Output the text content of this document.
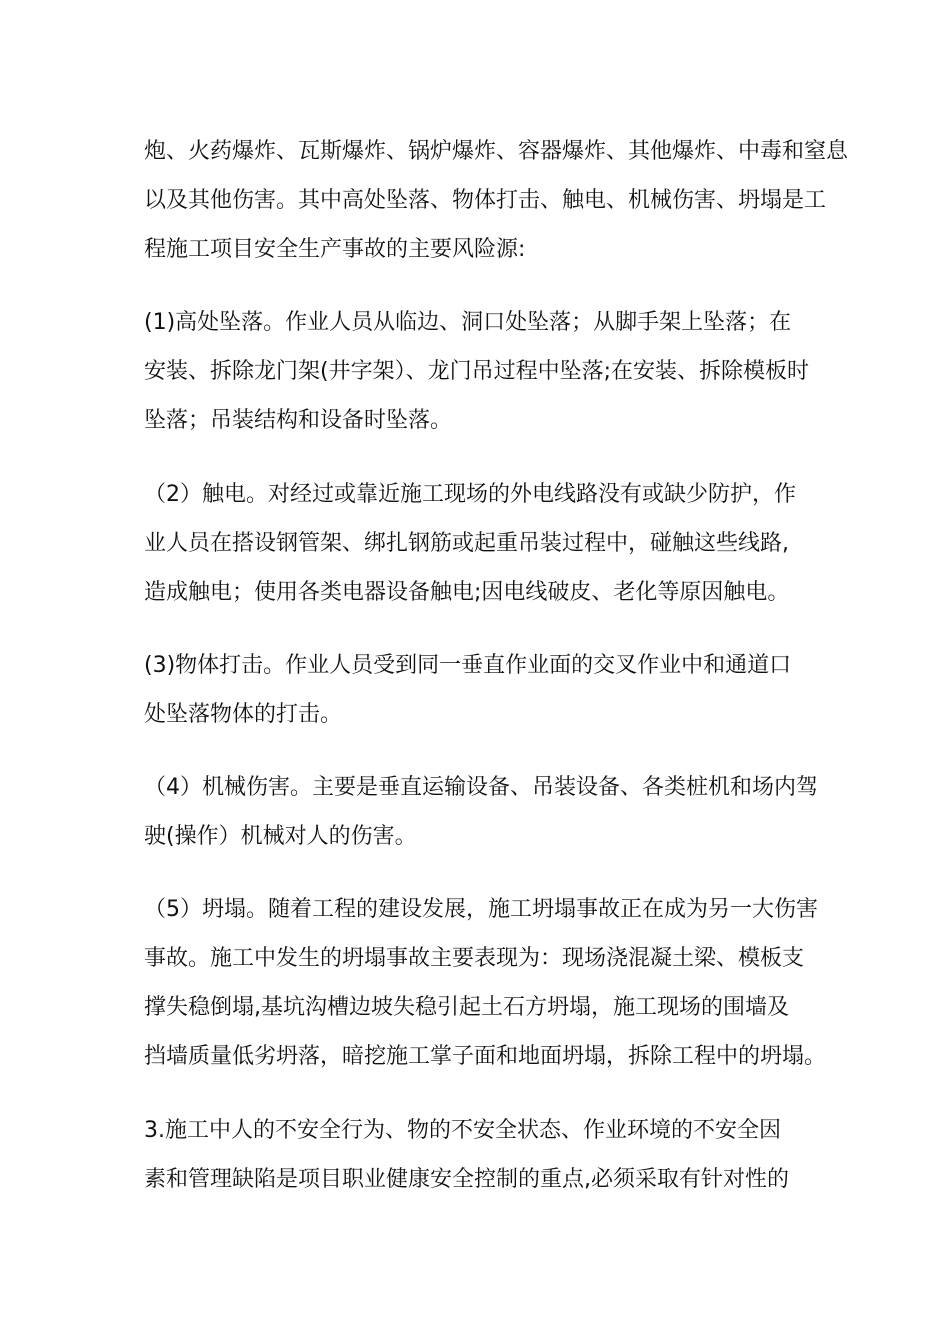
炮、火药爆炸、瓦斯爆炸、锅炉爆炸、容器爆炸、其他爆炸、中毒和窒息
以及其他伤害。其中高处坠落、物体打击、触电、机械伤害、坍塌是工
程施工项目安全生产事故的主要风险源:
(1)高处坠落。作业人员从临边、洞口处坠落；从脚手架上坠落；在
安装、拆除龙门架(井字架）、龙门吊过程中坠落;在安装、拆除模板时
坠落；吊装结构和设备时坠落。
（2）触电。对经过或靠近施工现场的外电线路没有或缺少防护，作
业人员在搭设钢管架、绑扎钢筋或起重吊装过程中，碰触这些线路,
造成触电；使用各类电器设备触电;因电线破皮、老化等原因触电。
(3)物体打击。作业人员受到同一垂直作业面的交叉作业中和通道口
处坠落物体的打击。
（4）机械伤害。主要是垂直运输设备、吊装设备、各类桩机和场内驾
驶(操作）机械对人的伤害。
（5）坍塌。随着工程的建设发展，施工坍塌事故正在成为另一大伤害
事故。施工中发生的坍塌事故主要表现为：现场浇混凝土梁、模板支
撑失稳倒塌,基坑沟槽边坡失稳引起土石方坍塌，施工现场的围墙及
挡墙质量低劣坍落，暗挖施工掌子面和地面坍塌，拆除工程中的坍塌。
3.施工中人的不安全行为、物的不安全状态、作业环境的不安全因
素和管理缺陷是项目职业健康安全控制的重点,必须采取有针对性的
